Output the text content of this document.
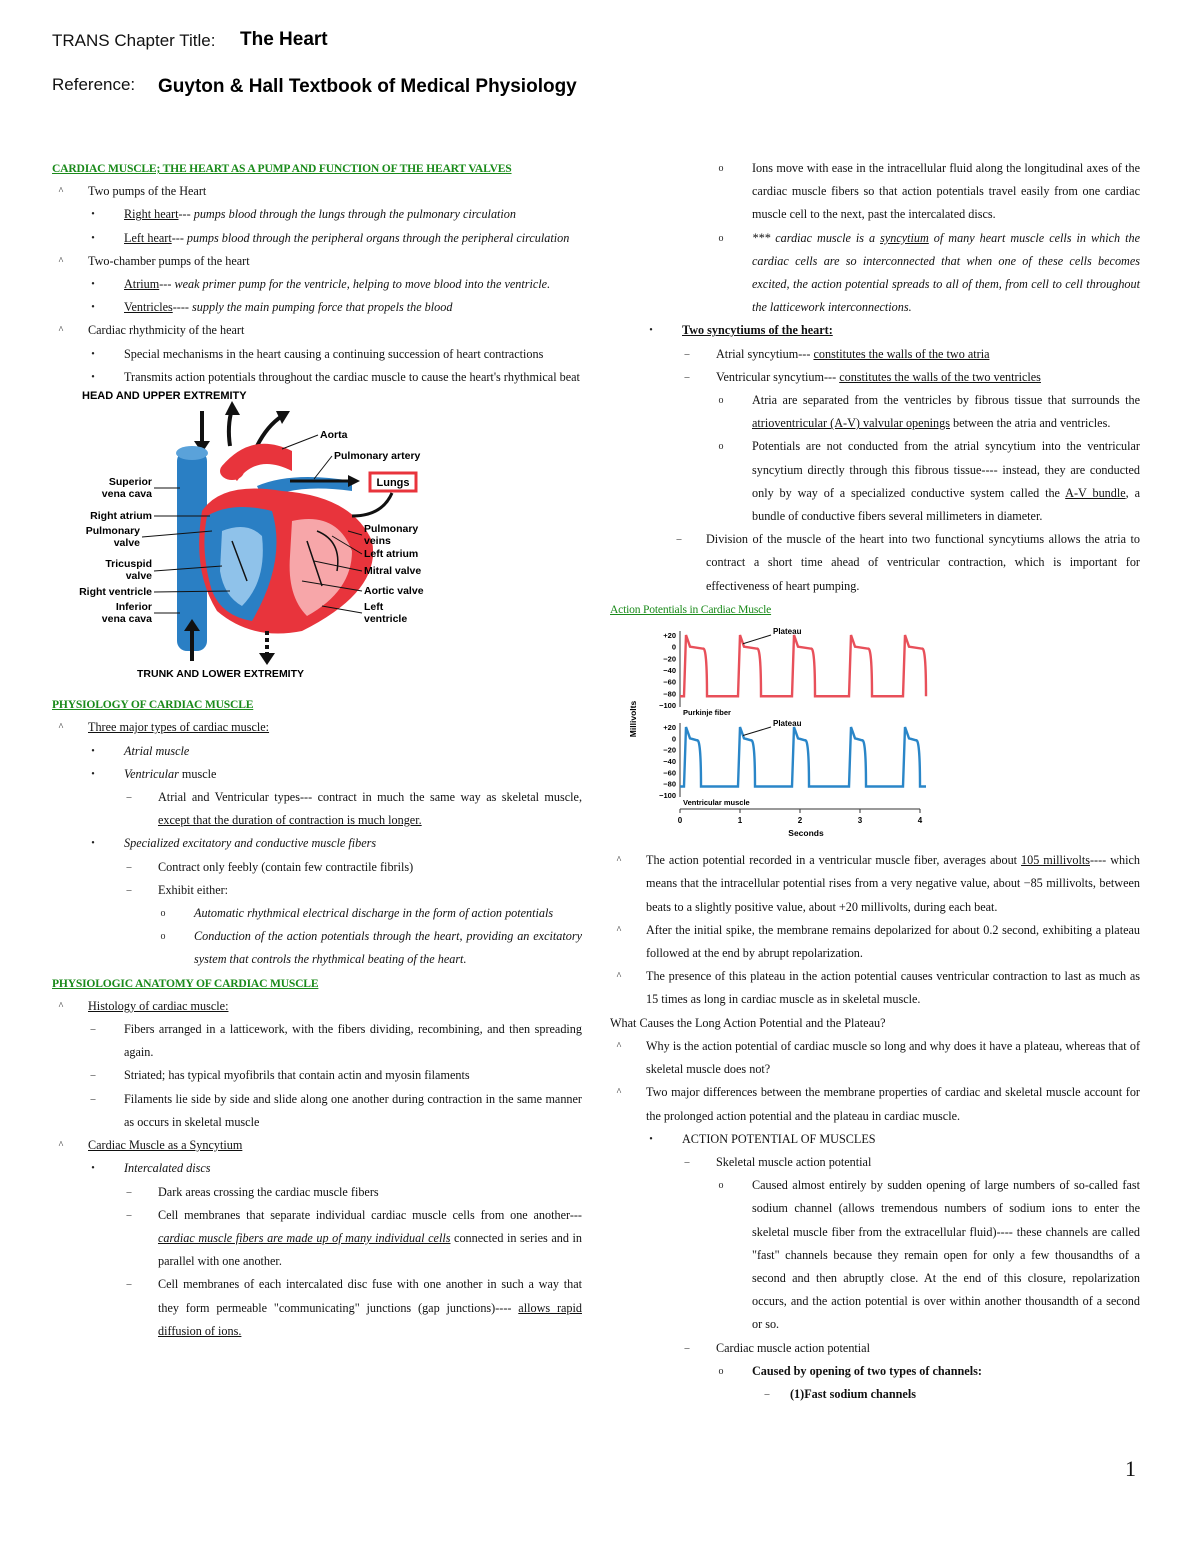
TRANS Chapter Title: The Heart
Reference: Guyton & Hall Textbook of Medical Physiology
CARDIAC MUSCLE; THE HEART AS A PUMP AND FUNCTION OF THE HEART VALVES
^	Two pumps of the Heart
•	Right heart--- pumps blood through the lungs through the pulmonary circulation
•	Left heart--- pumps blood through the peripheral organs through the peripheral circulation
^	Two-chamber pumps of the heart
•	Atrium--- weak primer pump for the ventricle, helping to move blood into the ventricle.
•	Ventricles---- supply the main pumping force that propels the blood
^	Cardiac rhythmicity of the heart
•	Special mechanisms in the heart causing a continuing succession of heart contractions
•	Transmits action potentials throughout the cardiac muscle to cause the heart's rhythmical beat
HEAD AND UPPER EXTREMITY
Lungs
TRUNK AND LOWER EXTREMITY
Superior
vena cava
Right atrium
Pulmonary
valve
Tricuspid
valve
Right ventricle
Inferior
vena cava
Aorta
Pulmonary artery
Pulmonary
veins
Left atrium
Mitral valve
Aortic valve
Left
ventricle
PHYSIOLOGY OF CARDIAC MUSCLE
^	Three major types of cardiac muscle:
•	Atrial muscle
•	Ventricular muscle
–	Atrial and Ventricular types--- contract in much the same way as skeletal muscle, except that the duration of contraction is much longer.
•	Specialized excitatory and conductive muscle fibers
–	Contract only feebly (contain few contractile fibrils)
–	Exhibit either:
o	Automatic rhythmical electrical discharge in the form of action potentials
o	Conduction of the action potentials through the heart, providing an excitatory system that controls the rhythmical beating of the heart.
PHYSIOLOGIC ANATOMY OF CARDIAC MUSCLE
^	Histology of cardiac muscle:
–	Fibers arranged in a latticework, with the fibers dividing, recombining, and then spreading again.
–	Striated; has typical myofibrils that contain actin and myosin filaments
–	Filaments lie side by side and slide along one another during contraction in the same manner as occurs in skeletal muscle
^	Cardiac Muscle as a Syncytium
•	Intercalated discs
–	Dark areas crossing the cardiac muscle fibers
–	Cell membranes that separate individual cardiac muscle cells from one another--- cardiac muscle fibers are made up of many individual cells connected in series and in parallel with one another.
–	Cell membranes of each intercalated disc fuse with one another in such a way that they form permeable "communicating" junctions (gap junctions)---- allows rapid diffusion of ions.
o	Ions move with ease in the intracellular fluid along the longitudinal axes of the cardiac muscle fibers so that action potentials travel easily from one cardiac muscle cell to the next, past the intercalated discs.
o	*** cardiac muscle is a syncytium of many heart muscle cells in which the cardiac cells are so interconnected that when one of these cells becomes excited, the action potential spreads to all of them, from cell to cell throughout the latticework interconnections.
•	Two syncytiums of the heart:
–	Atrial syncytium--- constitutes the walls of the two atria
–	Ventricular syncytium--- constitutes the walls of the two ventricles
o	Atria are separated from the ventricles by fibrous tissue that surrounds the atrioventricular (A-V) valvular openings between the atria and ventricles.
o	Potentials are not conducted from the atrial syncytium into the ventricular syncytium directly through this fibrous tissue---- instead, they are conducted only by way of a specialized conductive system called the A-V bundle, a bundle of conductive fibers several millimeters in diameter.
–	Division of the muscle of the heart into two functional syncytiums allows the atria to contract a short time ahead of ventricular contraction, which is important for effectiveness of heart pumping.
Action Potentials in Cardiac Muscle
Millivolts
Seconds
+20
0
−20
−40
−60
−80
−100
Purkinje fiber
Plateau
+20
0
−20
−40
−60
−80
−100
Ventricular muscle
Plateau
0	1	2	3	4
^	The action potential recorded in a ventricular muscle fiber, averages about 105 millivolts---- which means that the intracellular potential rises from a very negative value, about −85 millivolts, between beats to a slightly positive value, about +20 millivolts, during each beat.
^	After the initial spike, the membrane remains depolarized for about 0.2 second, exhibiting a plateau followed at the end by abrupt repolarization.
^	The presence of this plateau in the action potential causes ventricular contraction to last as much as 15 times as long in cardiac muscle as in skeletal muscle.
What Causes the Long Action Potential and the Plateau?
^	Why is the action potential of cardiac muscle so long and why does it have a plateau, whereas that of skeletal muscle does not?
^	Two major differences between the membrane properties of cardiac and skeletal muscle account for the prolonged action potential and the plateau in cardiac muscle.
•	ACTION POTENTIAL OF MUSCLES
–	Skeletal muscle action potential
o	Caused almost entirely by sudden opening of large numbers of so-called fast sodium channel (allows tremendous numbers of sodium ions to enter the skeletal muscle fiber from the extracellular fluid)---- these channels are called "fast" channels because they remain open for only a few thousandths of a second and then abruptly close. At the end of this closure, repolarization occurs, and the action potential is over within another thousandth of a second or so.
–	Cardiac muscle action potential
o	Caused by opening of two types of channels:
–	(1)Fast sodium channels
1
